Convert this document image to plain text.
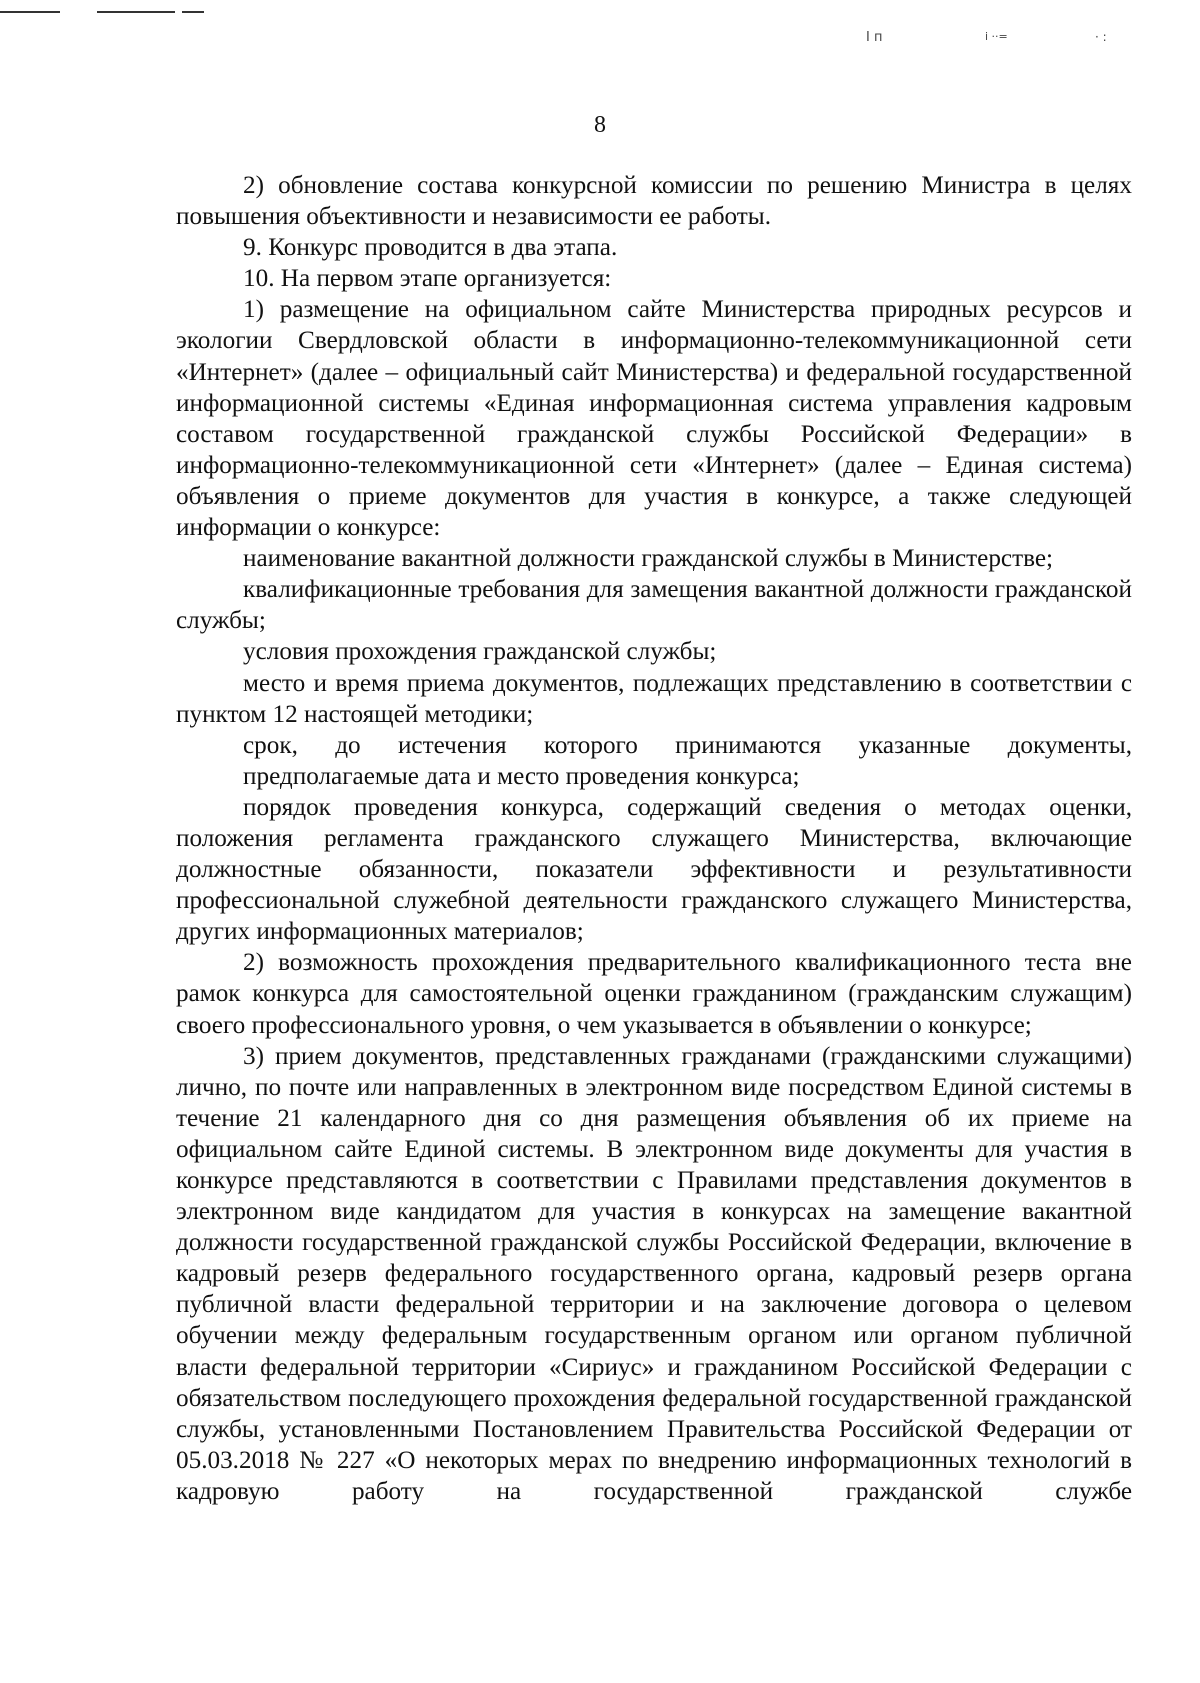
I п	i ··=	· :
8

2) обновление состава конкурсной комиссии по решению Министра в целях повышения объективности и независимости ее работы.

9. Конкурс проводится в два этапа.

10. На первом этапе организуется:

1) размещение на официальном сайте Министерства природных ресурсов и экологии Свердловской области в информационно-телекоммуникационной сети «Интернет» (далее – официальный сайт Министерства) и федеральной государственной информационной системы «Единая информационная система управления кадровым составом государственной гражданской службы Российской Федерации» в информационно-телекоммуникационной сети «Интернет» (далее – Единая система) объявления о приеме документов для участия в конкурсе, а также следующей информации о конкурсе:

наименование вакантной должности гражданской службы в Министерстве;

квалификационные требования для замещения вакантной должности гражданской службы;

условия прохождения гражданской службы;

место и время приема документов, подлежащих представлению в соответствии с пунктом 12 настоящей методики;

срок, до истечения которого принимаются указанные документы,

предполагаемые дата и место проведения конкурса;

порядок проведения конкурса, содержащий сведения о методах оценки, положения регламента гражданского служащего Министерства, включающие должностные обязанности, показатели эффективности и результативности профессиональной служебной деятельности гражданского служащего Министерства, других информационных материалов;

2) возможность прохождения предварительного квалификационного теста вне рамок конкурса для самостоятельной оценки гражданином (гражданским служащим) своего профессионального уровня, о чем указывается в объявлении о конкурсе;

3) прием документов, представленных гражданами (гражданскими служащими) лично, по почте или направленных в электронном виде посредством Единой системы в течение 21 календарного дня со дня размещения объявления об их приеме на официальном сайте Единой системы. В электронном виде документы для участия в конкурсе представляются в соответствии с Правилами представления документов в электронном виде кандидатом для участия в конкурсах на замещение вакантной должности государственной гражданской службы Российской Федерации, включение в кадровый резерв федерального государственного органа, кадровый резерв органа публичной власти федеральной территории и на заключение договора о целевом обучении между федеральным государственным органом или органом публичной власти федеральной территории «Сириус» и гражданином Российской Федерации с обязательством последующего прохождения федеральной государственной гражданской службы, установленными Постановлением Правительства Российской Федерации от 05.03.2018 № 227 «О некоторых мерах по внедрению информационных технологий в кадровую работу на государственной гражданской службе
